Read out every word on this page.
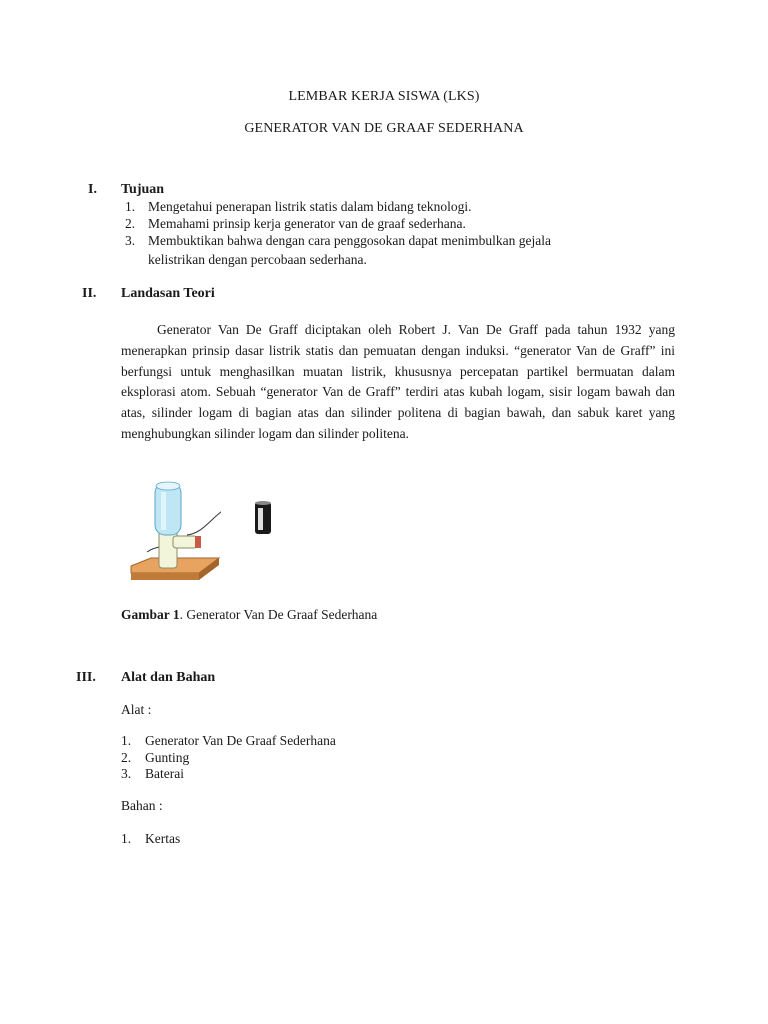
LEMBAR KERJA SISWA (LKS)
GENERATOR VAN DE GRAAF SEDERHANA
I. Tujuan
1. Mengetahui penerapan listrik statis dalam bidang teknologi.
2. Memahami prinsip kerja generator van de graaf sederhana.
3. Membuktikan bahwa dengan cara penggosokan dapat menimbulkan gejala
kelistrikan dengan percobaan sederhana.
II. Landasan Teori
Generator Van De Graff diciptakan oleh Robert J. Van De Graff pada tahun 1932 yang menerapkan prinsip dasar listrik statis dan pemuatan dengan induksi. “generator Van de Graff” ini berfungsi untuk menghasilkan muatan listrik, khususnya percepatan partikel bermuatan dalam eksplorasi atom. Sebuah “generator Van de Graff” terdiri atas kubah logam, sisir logam bawah dan atas, silinder logam di bagian atas dan silinder politena di bagian bawah, dan sabuk karet yang menghubungkan silinder logam dan silinder politena.
Gambar 1. Generator Van De Graaf Sederhana
III. Alat dan Bahan
Alat :
1. Generator Van De Graaf Sederhana
2. Gunting
3. Baterai
Bahan :
1. Kertas
